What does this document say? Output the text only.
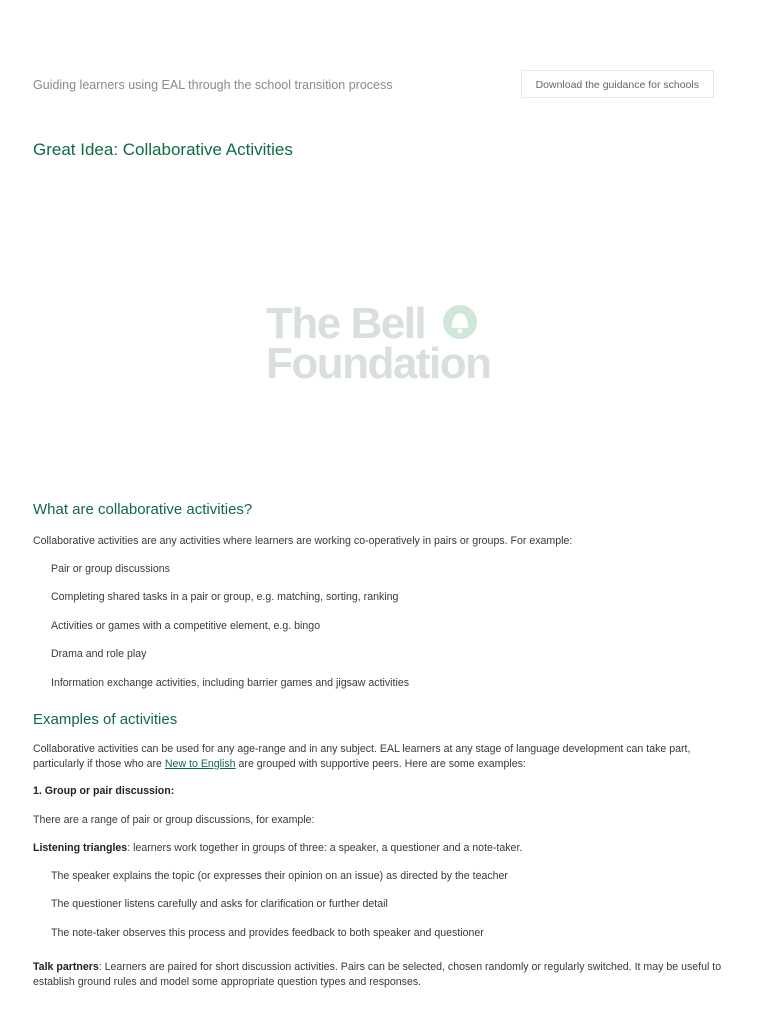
Guiding learners using EAL through the school transition process	Download the guidance for schools
Great Idea: Collaborative Activities
The Bell
Foundation
What are collaborative activities?

Collaborative activities are any activities where learners are working co-operatively in pairs or groups. For example:

Pair or group discussions
Completing shared tasks in a pair or group, e.g. matching, sorting, ranking
Activities or games with a competitive element, e.g. bingo
Drama and role play
Information exchange activities, including barrier games and jigsaw activities
Examples of activities

Collaborative activities can be used for any age-range and in any subject. EAL learners at any stage of language development can take part, particularly if those who are New to English are grouped with supportive peers. Here are some examples:

1. Group or pair discussion:

There are a range of pair or group discussions, for example:

Listening triangles: learners work together in groups of three: a speaker, a questioner and a note-taker.

The speaker explains the topic (or expresses their opinion on an issue) as directed by the teacher
The questioner listens carefully and asks for clarification or further detail
The note-taker observes this process and provides feedback to both speaker and questioner

Talk partners: Learners are paired for short discussion activities. Pairs can be selected, chosen randomly or regularly switched. It may be useful to establish ground rules and model some appropriate question types and responses.
